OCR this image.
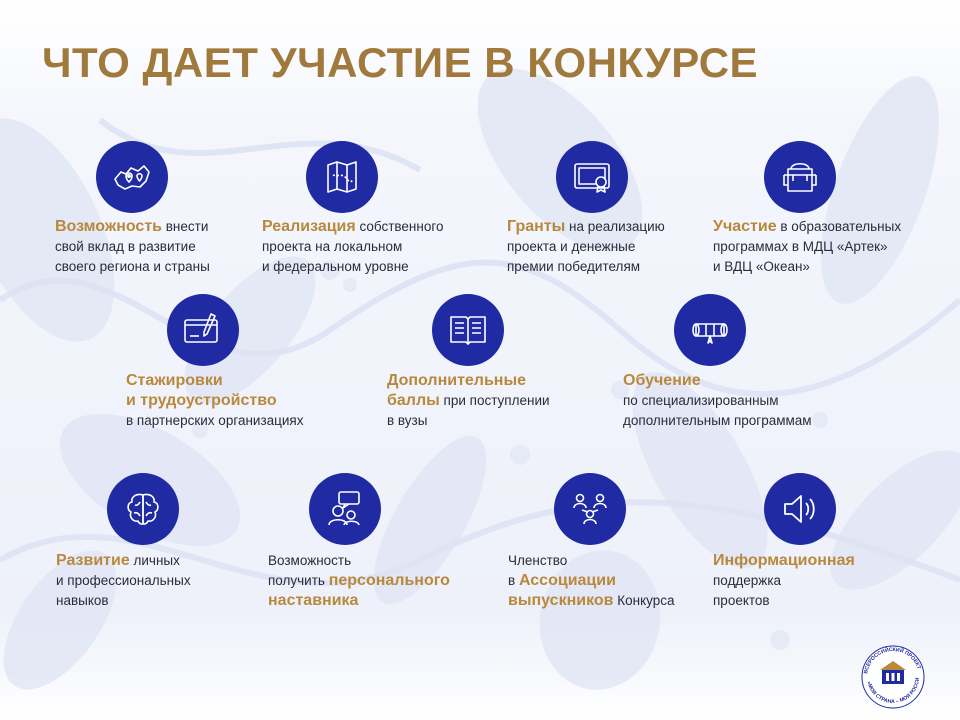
ЧТО ДАЕТ УЧАСТИЕ В КОНКУРСЕ
Возможность внести
свой вклад в развитие
своего региона и страны
Реализация собственного
проекта на локальном
и федеральном уровне
Гранты на реализацию
проекта и денежные
премии победителям
Участие в образовательных
программах в МДЦ «Артек»
и ВДЦ «Океан»
Стажировки
и трудоустройство
в партнерских организациях
Дополнительные
баллы при поступлении
в вузы
Обучение
по специализированным
дополнительным программам
Развитие личных
и профессиональных
навыков
Возможность
получить персонального
наставника
Членство
в Ассоциации
выпускников Конкурса
Информационная
поддержка
проектов
ВСЕРОССИЙСКИЙ ПРОЕКТ
«МОЯ СТРАНА – МОЯ РОССИ
